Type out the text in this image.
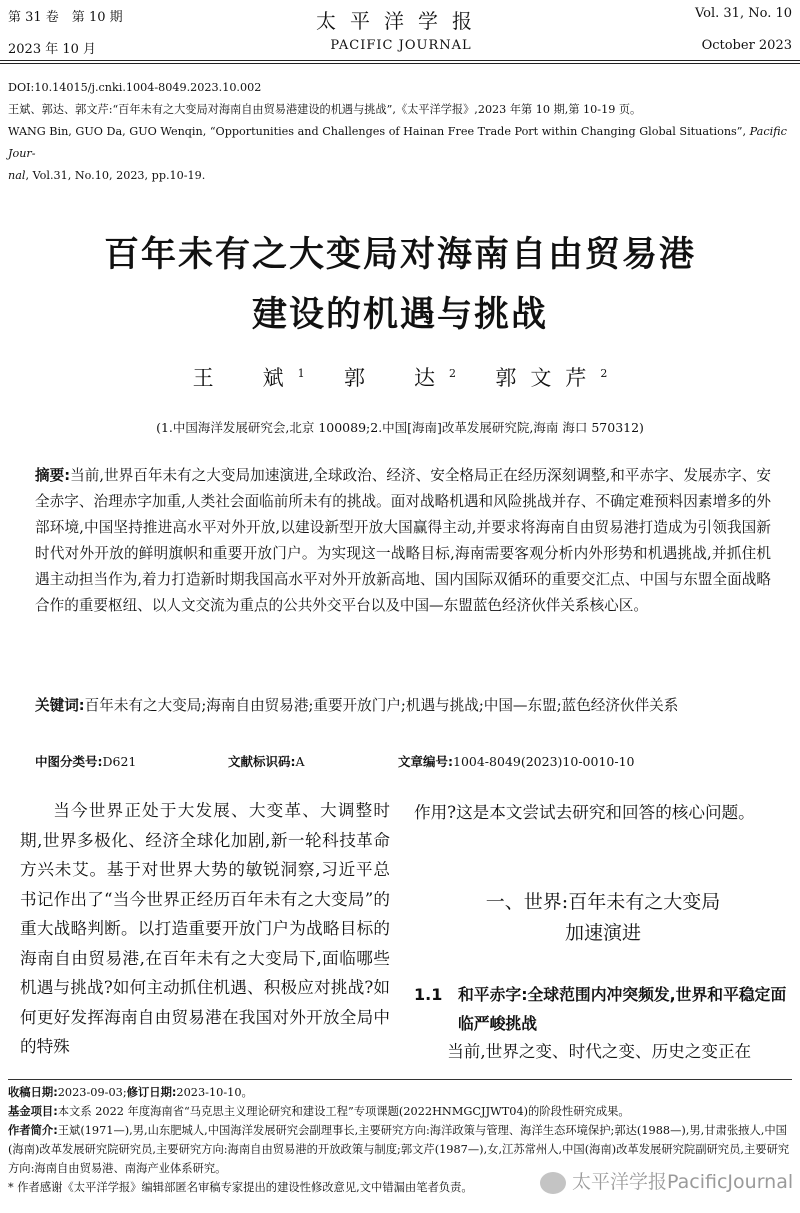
第 31 卷　第 10 期
2023 年 10 月
太平洋学报
PACIFIC JOURNAL
Vol. 31, No. 10
October 2023
DOI:10.14015/j.cnki.1004-8049.2023.10.002
王斌、郭达、郭文芹:“百年未有之大变局对海南自由贸易港建设的机遇与挑战”,《太平洋学报》,2023 年第 10 期,第 10-19 页。
WANG Bin, GUO Da, GUO Wenqin, “Opportunities and Challenges of Hainan Free Trade Port within Changing Global Situations”, Pacific Jour-
nal, Vol.31, No.10, 2023, pp.10-19.
百年未有之大变局对海南自由贸易港
建设的机遇与挑战
王　斌$^1$ 郭　达$^2$ 郭文芹$^2$
(1.中国海洋发展研究会,北京 100089;2.中国[海南]改革发展研究院,海南 海口 570312)
摘要:当前,世界百年未有之大变局加速演进,全球政治、经济、安全格局正在经历深刻调整,和平赤字、发展赤字、安全赤字、治理赤字加重,人类社会面临前所未有的挑战。面对战略机遇和风险挑战并存、不确定难预料因素增多的外部环境,中国坚持推进高水平对外开放,以建设新型开放大国赢得主动,并要求将海南自由贸易港打造成为引领我国新时代对外开放的鲜明旗帜和重要开放门户。为实现这一战略目标,海南需要客观分析内外形势和机遇挑战,并抓住机遇主动担当作为,着力打造新时期我国高水平对外开放新高地、国内国际双循环的重要交汇点、中国与东盟全面战略合作的重要枢纽、以人文交流为重点的公共外交平台以及中国—东盟蓝色经济伙伴关系核心区。
关键词:百年未有之大变局;海南自由贸易港;重要开放门户;机遇与挑战;中国—东盟;蓝色经济伙伴关系
中图分类号:D621	文献标识码:A	文章编号:1004-8049(2023)10-0010-10
当今世界正处于大发展、大变革、大调整时期,世界多极化、经济全球化加剧,新一轮科技革命方兴未艾。基于对世界大势的敏锐洞察,习近平总书记作出了“当今世界正经历百年未有之大变局”的重大战略判断。以打造重要开放门户为战略目标的海南自由贸易港,在百年未有之大变局下,面临哪些机遇与挑战?如何主动抓住机遇、积极应对挑战?如何更好发挥海南自由贸易港在我国对外开放全局中的特殊
作用?这是本文尝试去研究和回答的核心问题。
一、世界:百年未有之大变局
加速演进
1.1 和平赤字:全球范围内冲突频发,世界和平稳定面临严峻挑战
当前,世界之变、时代之变、历史之变正在
收稿日期:2023-09-03;修订日期:2023-10-10。
基金项目:本文系 2022 年度海南省“马克思主义理论研究和建设工程”专项课题(2022HNMGCJJWT04)的阶段性研究成果。
作者简介:王斌(1971—),男,山东肥城人,中国海洋发展研究会副理事长,主要研究方向:海洋政策与管理、海洋生态环境保护;郭达(1988—),男,甘肃张掖人,中国(海南)改革发展研究院研究员,主要研究方向:海南自由贸易港的开放政策与制度;郭文芹(1987—),女,江苏常州人,中国(海南)改革发展研究院副研究员,主要研究方向:海南自由贸易港、南海产业体系研究。
* 作者感谢《太平洋学报》编辑部匿名审稿专家提出的建设性修改意见,文中错漏由笔者负责。	太平洋学报PacificJournal
